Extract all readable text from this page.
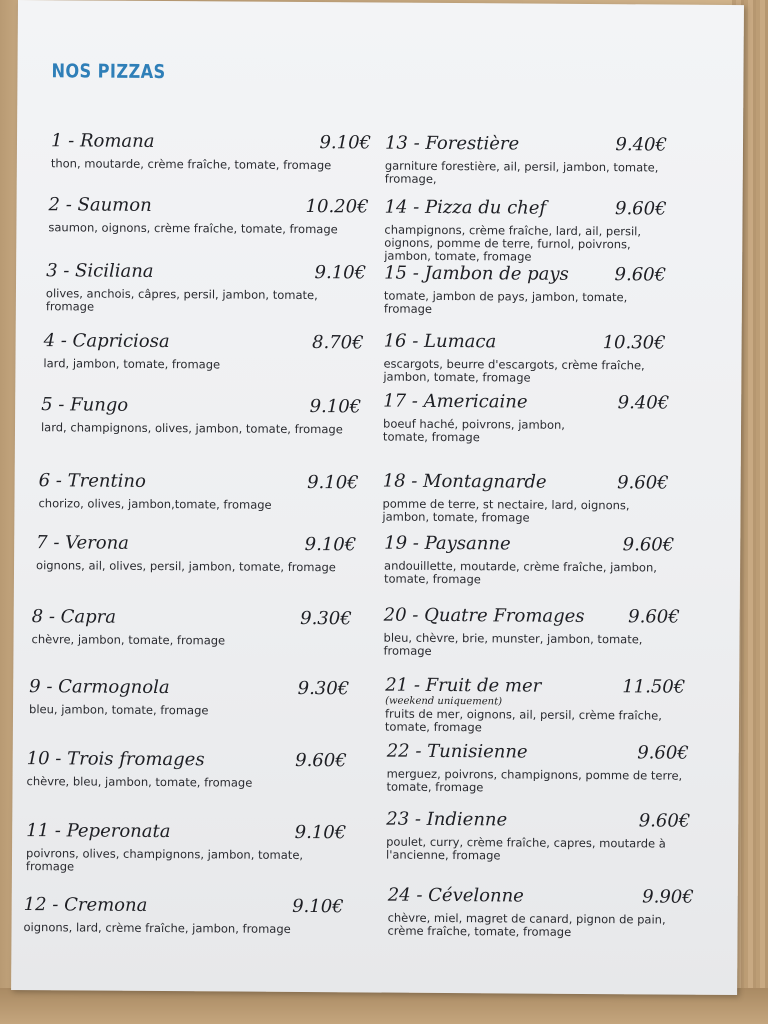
NOS PIZZAS
1 - Romana	9.10€
thon, moutarde, crème fraîche, tomate, fromage
2 - Saumon	10.20€
saumon, oignons, crème fraîche, tomate, fromage
3 - Siciliana	9.10€
olives, anchois, câpres, persil, jambon, tomate, fromage
4 - Capriciosa	8.70€
lard, jambon, tomate, fromage
5 - Fungo	9.10€
lard, champignons, olives, jambon, tomate, fromage
6 - Trentino	9.10€
chorizo, olives, jambon,tomate, fromage
7 - Verona	9.10€
oignons, ail, olives, persil, jambon, tomate, fromage
8 - Capra	9.30€
chèvre, jambon, tomate, fromage
9 - Carmognola	9.30€
bleu, jambon, tomate, fromage
10 - Trois fromages	9.60€
chèvre, bleu, jambon, tomate, fromage
11 - Peperonata	9.10€
poivrons, olives, champignons, jambon, tomate, fromage
12 - Cremona	9.10€
oignons, lard, crème fraîche, jambon, fromage
13 - Forestière	9.40€
garniture forestière, ail, persil, jambon, tomate, fromage,
14 - Pizza du chef	9.60€
champignons, crème fraîche, lard, ail, persil, oignons, pomme de terre, furnol, poivrons, jambon, tomate, fromage
15 - Jambon de pays	9.60€
tomate, jambon de pays, jambon, tomate, fromage
16 - Lumaca	10.30€
escargots, beurre d'escargots, crème fraîche, jambon, tomate, fromage
17 - Americaine	9.40€
boeuf haché, poivrons, jambon, tomate, fromage
18 - Montagnarde	9.60€
pomme de terre, st nectaire, lard, oignons, jambon, tomate, fromage
19 - Paysanne	9.60€
andouillette, moutarde, crème fraîche, jambon, tomate, fromage
20 - Quatre Fromages 9.60€
bleu, chèvre, brie, munster, jambon, tomate, fromage
21 - Fruit de mer	11.50€
(weekend uniquement)
fruits de mer, oignons, ail, persil, crème fraîche, tomate, fromage
22 - Tunisienne	9.60€
merguez, poivrons, champignons, pomme de terre, tomate, fromage
23 - Indienne	9.60€
poulet, curry, crème fraîche, capres, moutarde à l'ancienne, fromage
24 - Cévelonne	9.90€
chèvre, miel, magret de canard, pignon de pain, crème fraîche, tomate, fromage
